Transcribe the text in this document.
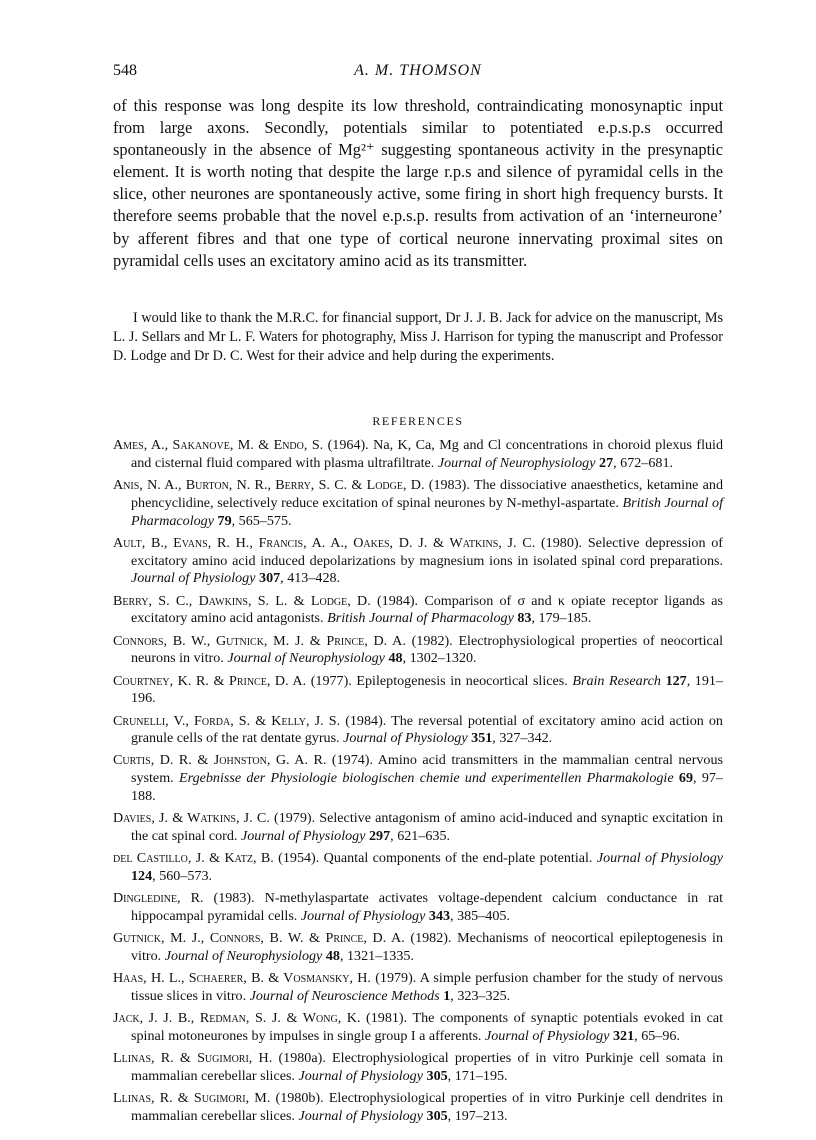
548	A. M. THOMSON

of this response was long despite its low threshold, contraindicating monosynaptic input from large axons. Secondly, potentials similar to potentiated e.p.s.p.s occurred spontaneously in the absence of Mg²⁺ suggesting spontaneous activity in the presynaptic element. It is worth noting that despite the large r.p.s and silence of pyramidal cells in the slice, other neurones are spontaneously active, some firing in short high frequency bursts. It therefore seems probable that the novel e.p.s.p. results from activation of an ‘interneurone’ by afferent fibres and that one type of cortical neurone innervating proximal sites on pyramidal cells uses an excitatory amino acid as its transmitter.

I would like to thank the M.R.C. for financial support, Dr J. J. B. Jack for advice on the manuscript, Ms L. J. Sellars and Mr L. F. Waters for photography, Miss J. Harrison for typing the manuscript and Professor D. Lodge and Dr D. C. West for their advice and help during the experiments.

REFERENCES
Ames, A., Sakanove, M. & Endo, S. (1964). Na, K, Ca, Mg and Cl concentrations in choroid plexus fluid and cisternal fluid compared with plasma ultrafiltrate. Journal of Neurophysiology 27, 672–681.
Anis, N. A., Burton, N. R., Berry, S. C. & Lodge, D. (1983). The dissociative anaesthetics, ketamine and phencyclidine, selectively reduce excitation of spinal neurones by N-methyl-aspartate. British Journal of Pharmacology 79, 565–575.
Ault, B., Evans, R. H., Francis, A. A., Oakes, D. J. & Watkins, J. C. (1980). Selective depression of excitatory amino acid induced depolarizations by magnesium ions in isolated spinal cord preparations. Journal of Physiology 307, 413–428.
Berry, S. C., Dawkins, S. L. & Lodge, D. (1984). Comparison of σ and κ opiate receptor ligands as excitatory amino acid antagonists. British Journal of Pharmacology 83, 179–185.
Connors, B. W., Gutnick, M. J. & Prince, D. A. (1982). Electrophysiological properties of neocortical neurons in vitro. Journal of Neurophysiology 48, 1302–1320.
Courtney, K. R. & Prince, D. A. (1977). Epileptogenesis in neocortical slices. Brain Research 127, 191–196.
Crunelli, V., Forda, S. & Kelly, J. S. (1984). The reversal potential of excitatory amino acid action on granule cells of the rat dentate gyrus. Journal of Physiology 351, 327–342.
Curtis, D. R. & Johnston, G. A. R. (1974). Amino acid transmitters in the mammalian central nervous system. Ergebnisse der Physiologie biologischen chemie und experimentellen Pharmakologie 69, 97–188.
Davies, J. & Watkins, J. C. (1979). Selective antagonism of amino acid-induced and synaptic excitation in the cat spinal cord. Journal of Physiology 297, 621–635.
del Castillo, J. & Katz, B. (1954). Quantal components of the end-plate potential. Journal of Physiology 124, 560–573.
Dingledine, R. (1983). N-methylaspartate activates voltage-dependent calcium conductance in rat hippocampal pyramidal cells. Journal of Physiology 343, 385–405.
Gutnick, M. J., Connors, B. W. & Prince, D. A. (1982). Mechanisms of neocortical epileptogenesis in vitro. Journal of Neurophysiology 48, 1321–1335.
Haas, H. L., Schaerer, B. & Vosmansky, H. (1979). A simple perfusion chamber for the study of nervous tissue slices in vitro. Journal of Neuroscience Methods 1, 323–325.
Jack, J. J. B., Redman, S. J. & Wong, K. (1981). The components of synaptic potentials evoked in cat spinal motoneurones by impulses in single group I a afferents. Journal of Physiology 321, 65–96.
Llinas, R. & Sugimori, H. (1980a). Electrophysiological properties of in vitro Purkinje cell somata in mammalian cerebellar slices. Journal of Physiology 305, 171–195.
Llinas, R. & Sugimori, M. (1980b). Electrophysiological properties of in vitro Purkinje cell dendrites in mammalian cerebellar slices. Journal of Physiology 305, 197–213.
